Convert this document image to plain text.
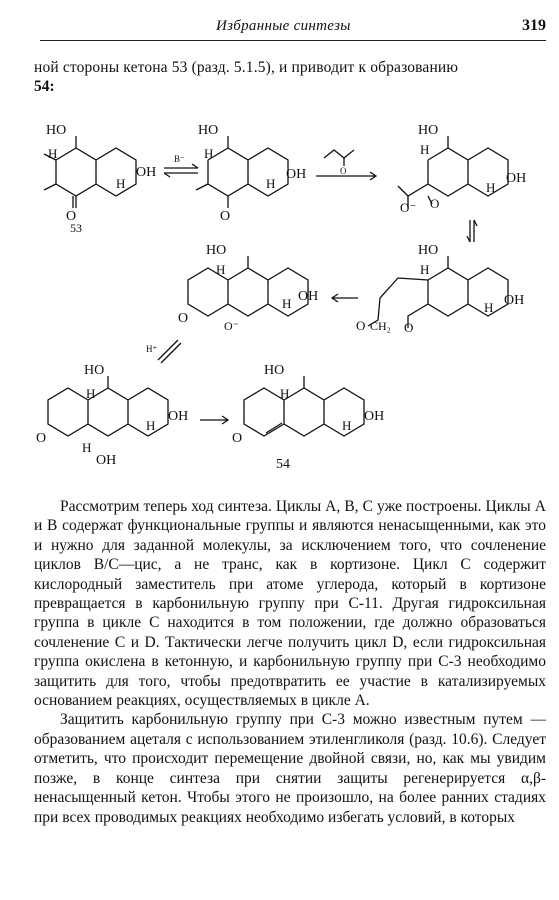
Избранные синтезы	319
ной стороны кетона 53 (разд. 5.1.5), и приводит к образованию
54:
HO
H
OH
H
O
53
B⁻
HO
H
OH
H
O
O
HO
H
OH
H
O⁻ O
HO
H
OH
H
O CH₂ O
HO
H
OH
H
O	O⁻
H⁺
HO
H
OH
H
O
H
OH
HO
H
OH
H
O
54

Рассмотрим теперь ход синтеза. Циклы А, В, С уже построены. Циклы А и В содержат функциональные группы и являются ненасыщенными, как это и нужно для заданной молекулы, за исключением того, что сочленение циклов В/С—цис, а не транс, как в кортизоне. Цикл С содержит кислородный заместитель при атоме углерода, который в кортизоне превращается в карбонильную группу при С-11. Другая гидроксильная группа в цикле С находится в том положении, где должно образоваться сочленение С и D. Тактически легче получить цикл D, если гидроксильная группа окислена в кетонную, и карбонильную группу при С-3 необходимо защитить для того, чтобы предотвратить ее участие в катализируемых основанием реакциях, осуществляемых в цикле А.

Защитить карбонильную группу при С-3 можно известным путем — образованием ацеталя с использованием этиленгликоля (разд. 10.6). Следует отметить, что происходит перемещение двойной связи, но, как мы увидим позже, в конце синтеза при снятии защиты регенерируется α,β-ненасыщенный кетон. Чтобы этого не произошло, на более ранних стадиях при всех проводимых реакциях необходимо избегать условий, в которых
